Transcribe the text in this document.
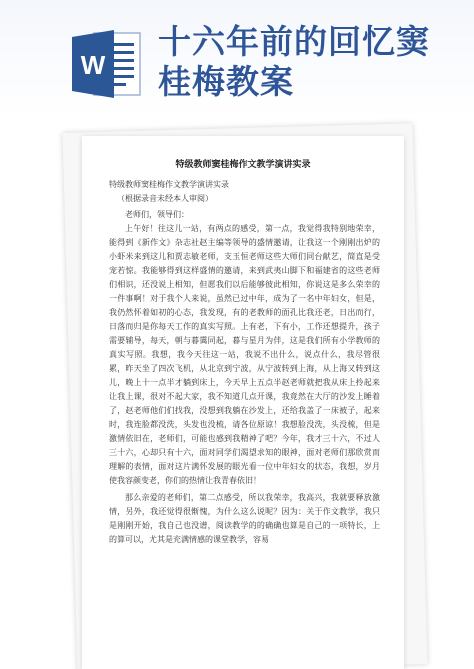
W
十六年前的回忆窦
桂梅教案
特级教师窦桂梅作文教学演讲实录

特级教师窦桂梅作文教学演讲实录

（根据录音未经本人审阅）

老师们，领导们：

上午好！往这儿一站，有两点的感受，第一点，我觉得我特别地荣幸，能得到《新作文》杂志社赵主编等领导的盛情邀请，让我这一个刚刚出炉的小虾米来到这儿和贾志敏老师，支玉恒老师这些大师们同台献艺，简直是受宠若惊。我能够得到这样盛情的邀请，来到武夷山脚下和福建省的这些老师们相识，还没说上相知，但愿我们以后能够彼此相知，你说这是多么荣幸的一件事啊！对于我个人来说，虽然已过中年，成为了一名中年妇女，但是，我仍然怀着如初的心态，我发现，有的老教师的面孔比我还老，日出而行，日落而归是你每天工作的真实写照。上有老，下有小，工作还想提升，孩子需要辅导，每天，朝与暮霭同起，暮与星月为伴，这是我们所有小学教师的真实写照。我想，我今天往这一站，我说不出什么，说点什么，我尽管很累，昨天坐了四次飞机，从北京到宁波，从宁波转到上海，从上海又转到这儿，晚上十一点半才躺到床上，今天早上五点半赵老师就把我从床上拎起来让我上课，很对不起大家，我不知道几点开课，我竟然在大厅的沙发上睡着了，赵老师他们们找我，没想到我躺在沙发上，还给我盖了一床被子，起来时，我连脸都没洗，头发也没梳，请各位原谅！我想脸没洗，头没梳，但是激情依旧在，老师们，可能也感到我精神了吧？今年，我才三十六，不过人三十六，心却只有十六，面对同学们渴望求知的眼神，面对老师们那欣赏而理解的表情，面对这片满怀发展的眼光看一位中年妇女的状态，我想，岁月使我容颜变老，你们的热情让我青春依旧！

那么亲爱的老师们，第二点感受，所以我荣幸，我高兴，我就要释放激情，另外，我还觉得很惭愧，为什么这么说呢？因为：关于作文教学，我只是刚刚开始，我自己也没谱，阅读教学的的确确也算是自己的一项特长，上的算可以，尤其是充满情感的课堂教学，容易
